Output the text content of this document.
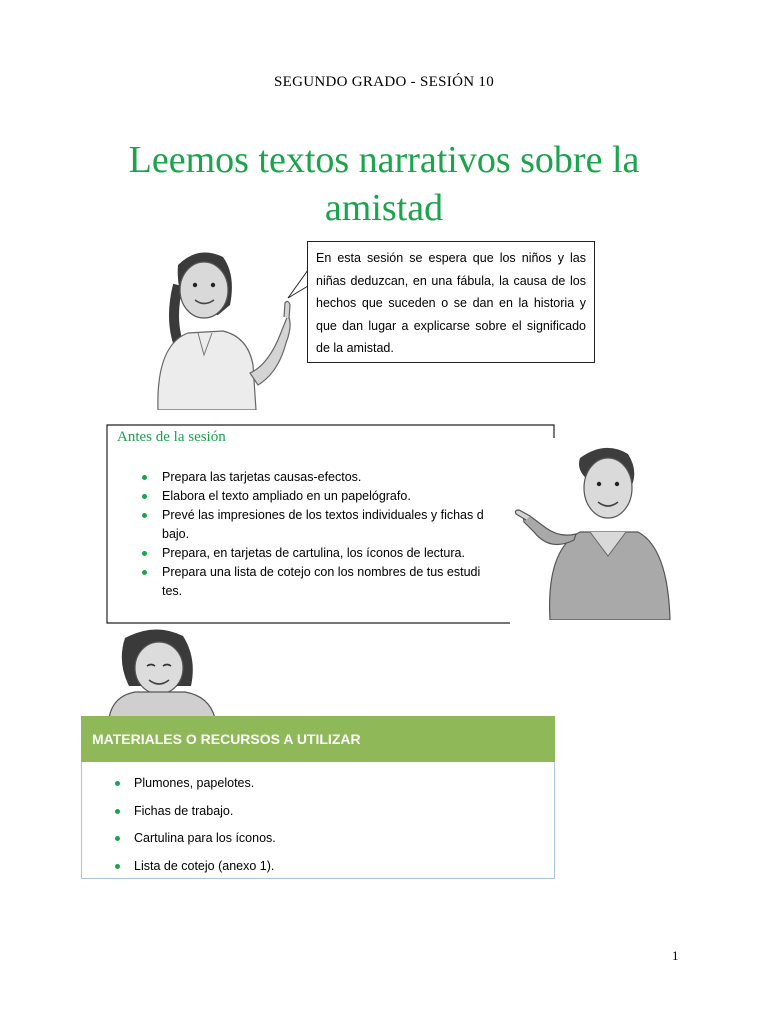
SEGUNDO GRADO - SESIÓN 10
Leemos textos narrativos sobre la amistad

En esta sesión se espera que los niños y las niñas deduzcan, en una fábula, la causa de los hechos que suceden o se dan en la historia y que dan lugar a explicarse sobre el significado de la amistad.

Antes de la sesión
Prepara las tarjetas causas-efectos.
Elabora el texto ampliado en un papelógrafo.
Prevé las impresiones de los textos individuales y fichas d
bajo.
Prepara, en tarjetas de cartulina, los íconos de lectura.
Prepara una lista de cotejo con los nombres de tus estudi
tes.
MATERIALES O RECURSOS A UTILIZAR
Plumones, papelotes.
Fichas de trabajo.
Cartulina para los íconos.
Lista de cotejo (anexo 1).
1
